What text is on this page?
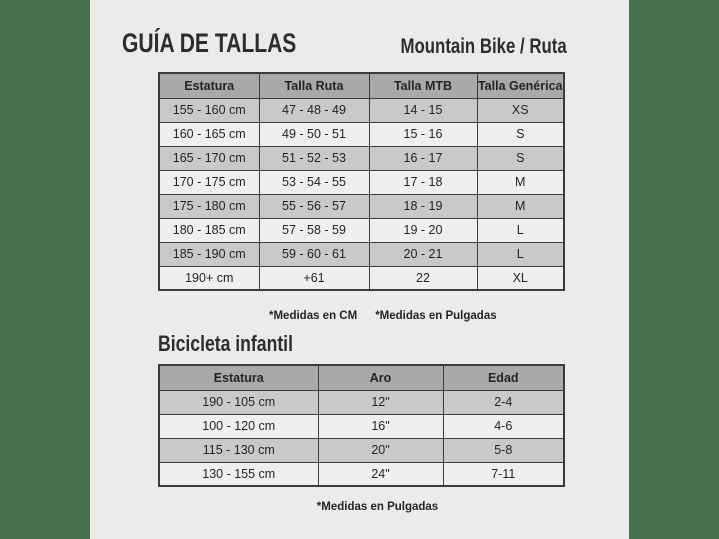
GUÍA DE TALLAS	Mountain Bike / Ruta
Estatura	Talla Ruta	Talla MTB	Talla Genérica
155 - 160 cm	47 - 48 - 49	14 - 15	XS
160 - 165 cm	49 - 50 - 51	15 - 16	S
165 - 170 cm	51 - 52 - 53	16 - 17	S
170 - 175 cm	53 - 54 - 55	17 - 18	M
175 - 180 cm	55 - 56 - 57	18 - 19	M
180 - 185 cm	57 - 58 - 59	19 - 20	L
185 - 190 cm	59 - 60 - 61	20 - 21	L
190+ cm	+61	22	XL
*Medidas en CM *Medidas en Pulgadas
Bicicleta infantil
Estatura	Aro	Edad
190 - 105 cm	12"	2-4
100 - 120 cm	16"	4-6
115 - 130 cm	20"	5-8
130 - 155 cm	24"	7-11
*Medidas en Pulgadas
